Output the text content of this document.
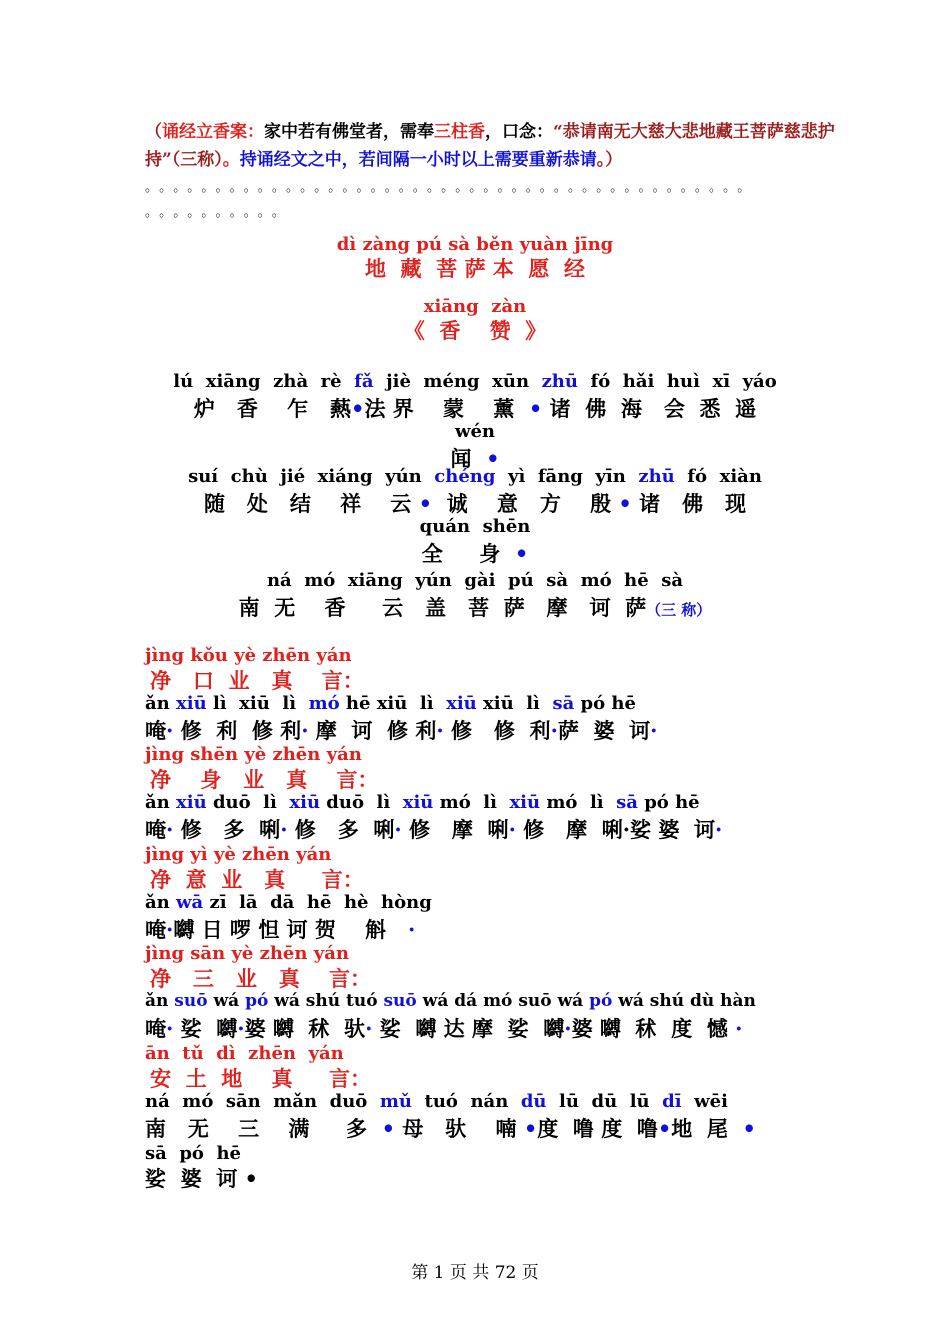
（诵经立香案：家中若有佛堂者，需奉三柱香，口念：“恭请南无大慈大悲地藏王菩萨慈悲护持”（三称）。持诵经文之中，若间隔一小时以上需要重新恭请。）
。。。。。。。。。。。。。。。。。。。。。。。。。。。。。。。。。。。。。。。。。。。
。。。。。。。。。。
dì zàng pú sà běn yuàn jīng
地  藏  菩 萨 本  愿  经
xiāng  zàn
《  香    赞  》
lú  xiāng  zhà  rè  fǎ  jiè  méng  xūn  zhū  fó  hǎi  huì  xī  yáo
炉   香    乍   爇•法 界    蒙    薰  • 诸  佛  海   会  悉  遥
wén
闻  •
suí  chù  jié  xiáng  yún  chéng  yì  fāng  yīn  zhū  fó  xiàn
随   处   结    祥    云 •  诚    意   方    殷 • 诸   佛   现
quán  shēn
全     身  •
ná  mó  xiāng  yún  gài  pú  sà  mó  hē  sà
南  无    香     云   盖   菩  萨   摩   诃  萨（三 称）
jìng kǒu yè zhēn yán
净   口  业   真    言：
ǎn xiū lì  xiū  lì  mó hē xiū  lì  xiū xiū  lì  sā pó hē
唵· 修  利  修 利· 摩  诃  修 利· 修   修  利·萨  婆  诃·
jìng shēn yè zhēn yán
净    身   业   真    言：
ǎn xiū duō  lì  xiū duō  lì  xiū mó  lì  xiū mó  lì  sā pó hē
唵· 修   多  唎· 修   多  唎· 修   摩  唎· 修   摩  唎·娑 婆  诃·
jìng yì yè zhēn yán
净  意  业   真     言：
ǎn wā zī  lā  dā  hē  hè  hòng
唵·嚩 日 啰 怛 诃 贺    斛   ·
jìng sān yè zhēn yán
净   三   业   真    言：
ǎn suō wá pó wá shú tuó suō wá dá mó suō wá pó wá shú dù hàn
唵· 娑  嚩·婆 嚩  秫  驮· 娑  嚩 达 摩  娑  嚩·婆 嚩  秫  度  憾 ·
ān  tǔ  dì  zhēn  yán
安  土  地    真     言：
ná  mó  sān  mǎn  duō  mǔ  tuó  nán  dū  lū  dū  lū  dī  wēi
南   无    三    满     多  • 母   驮    喃 •度  噜 度  噜•地  尾  •
sā  pó  hē
娑  婆  诃 •
第 1 页 共 72 页
